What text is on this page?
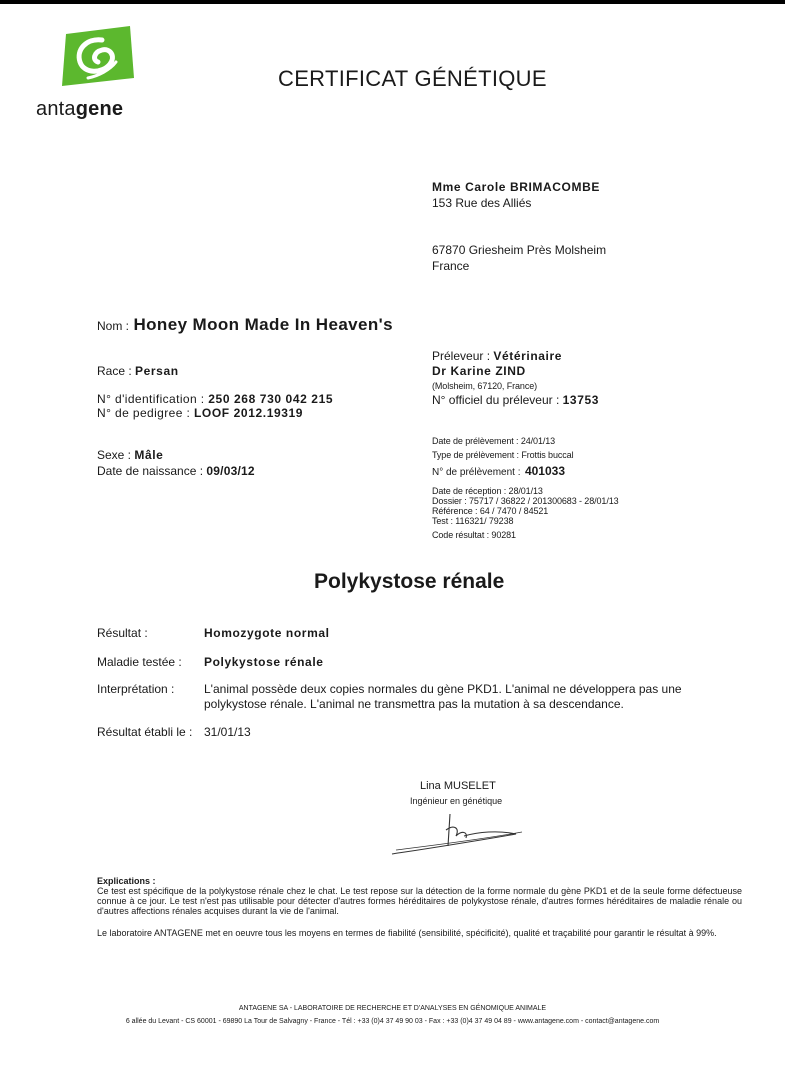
antagene
CERTIFICAT GÉNÉTIQUE
Mme Carole BRIMACOMBE
153 Rue des Alliés
67870 Griesheim Près Molsheim
France
Nom : Honey Moon Made In Heaven's
Race : Persan
N° d'identification : 250 268 730 042 215
N° de pedigree : LOOF 2012.19319
Sexe : Mâle
Date de naissance : 09/03/12
Préleveur : Vétérinaire
Dr Karine ZIND
(Molsheim, 67120, France)
N° officiel du préleveur : 13753
Date de prélèvement : 24/01/13
Type de prélèvement : Frottis buccal
N° de prélèvement : 401033
Date de réception : 28/01/13
Dossier : 75717 / 36822 / 201300683 - 28/01/13
Référence : 64 / 7470 / 84521
Test : 116321/ 79238
Code résultat : 90281
Polykystose rénale
Résultat :	Homozygote normal
Maladie testée : Polykystose rénale
Interprétation : L'animal possède deux copies normales du gène PKD1. L'animal ne développera pas une
polykystose rénale. L'animal ne transmettra pas la mutation à sa descendance.
Résultat établi le : 31/01/13
Lina MUSELET
Ingénieur en génétique
Explications :
Ce test est spécifique de la polykystose rénale chez le chat. Le test repose sur la détection de la forme normale du gène PKD1 et de la seule forme défectueuse connue à ce jour. Le test n'est pas utilisable pour détecter d'autres formes héréditaires de polykystose rénale, d'autres formes héréditaires de maladie rénale ou d'autres affections rénales acquises durant la vie de l'animal.
Le laboratoire ANTAGENE met en oeuvre tous les moyens en termes de fiabilité (sensibilité, spécificité), qualité et traçabilité pour garantir le résultat à 99%.
ANTAGENE SA - LABORATOIRE DE RECHERCHE ET D'ANALYSES EN GÉNOMIQUE ANIMALE
6 allée du Levant - CS 60001 - 69890 La Tour de Salvagny - France - Tél : +33 (0)4 37 49 90 03 - Fax : +33 (0)4 37 49 04 89 - www.antagene.com - contact@antagene.com
